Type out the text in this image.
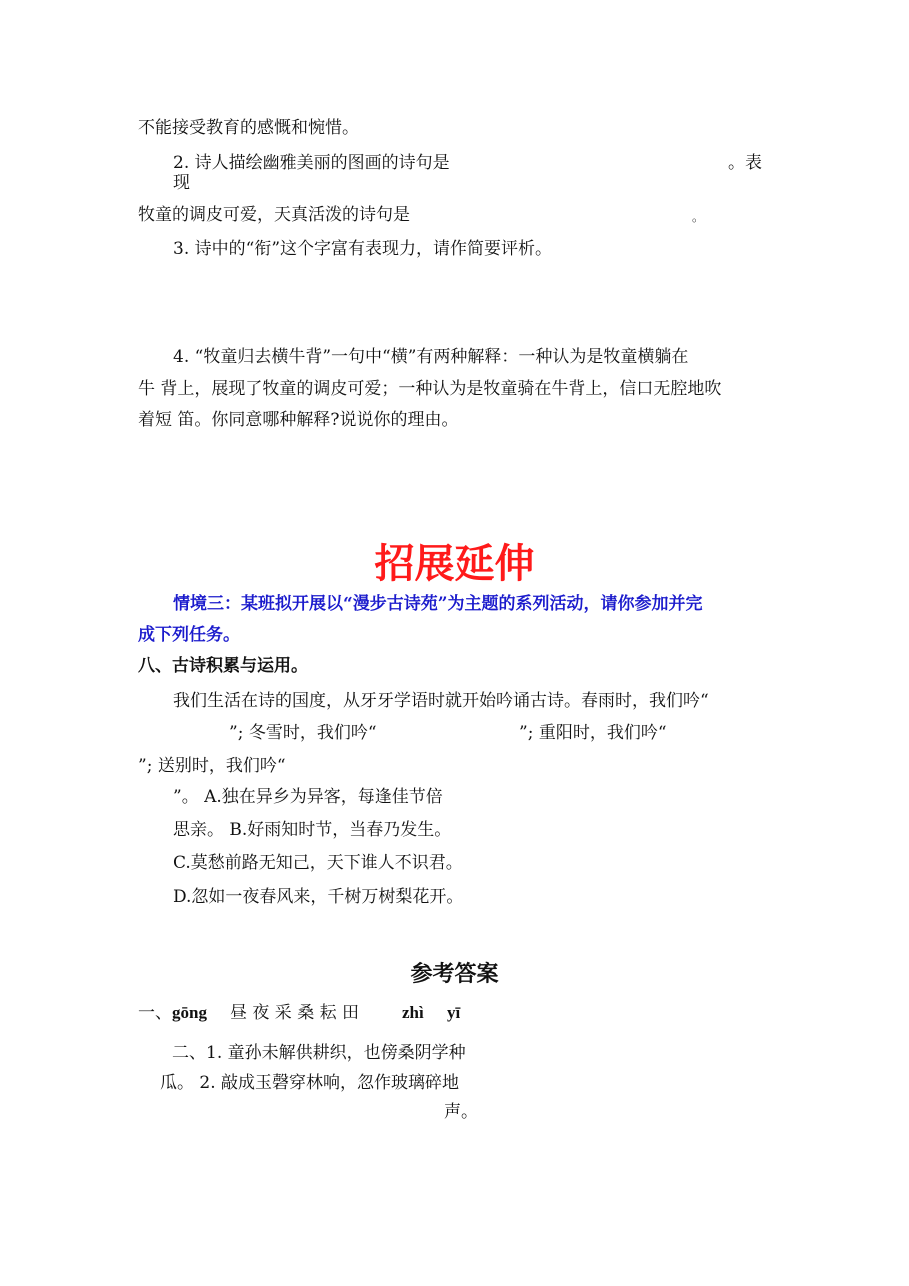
不能接受教育的感慨和惋惜。
2. 诗人描绘幽雅美丽的图画的诗句是	。表
现
牧童的调皮可爱，天真活泼的诗句是	。
3. 诗中的“衔”这个字富有表现力，请作简要评析。
4. “牧童归去横牛背”一句中“横”有两种解释：一种认为是牧童横躺在
牛 背上，展现了牧童的调皮可爱；一种认为是牧童骑在牛背上，信口无腔地吹
着短 笛。你同意哪种解释?说说你的理由。
招展延伸
情境三：某班拟开展以“漫步古诗苑”为主题的系列活动，请你参加并完
成下列任务。
八、古诗积累与运用。
我们生活在诗的国度，从牙牙学语时就开始吟诵古诗。春雨时，我们吟“
”; 冬雪时，我们吟“	”; 重阳时，我们吟“
”; 送别时，我们吟“
”。 A.独在异乡为异客，每逢佳节倍
思亲。 B.好雨知时节，当春乃发生。
C.莫愁前路无知己，天下谁人不识君。
D.忽如一夜春风来，千树万树梨花开。
参考答案
一、 gōng 昼 夜 采 桑 耘 田	zhì yī
二、1. 童孙未解供耕织，也傍桑阴学种
瓜。 2. 敲成玉磬穿林响，忽作玻璃碎地
声。
